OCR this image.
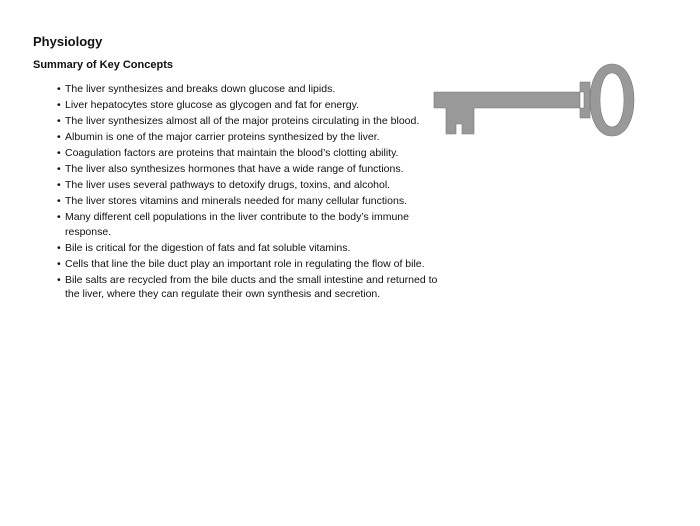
Physiology
Summary of Key Concepts
• The liver synthesizes and breaks down glucose and lipids.
• Liver hepatocytes store glucose as glycogen and fat for energy.
• The liver synthesizes almost all of the major proteins circulating in the blood.
• Albumin is one of the major carrier proteins synthesized by the liver.
• Coagulation factors are proteins that maintain the blood’s clotting ability.
• The liver also synthesizes hormones that have a wide range of functions.
• The liver uses several pathways to detoxify drugs, toxins, and alcohol.
• The liver stores vitamins and minerals needed for many cellular functions.
• Many different cell populations in the liver contribute to the body’s immune response.
• Bile is critical for the digestion of fats and fat soluble vitamins.
• Cells that line the bile duct play an important role in regulating the flow of bile.
• Bile salts are recycled from the bile ducts and the small intestine and returned to the liver, where they can regulate their own synthesis and secretion.
